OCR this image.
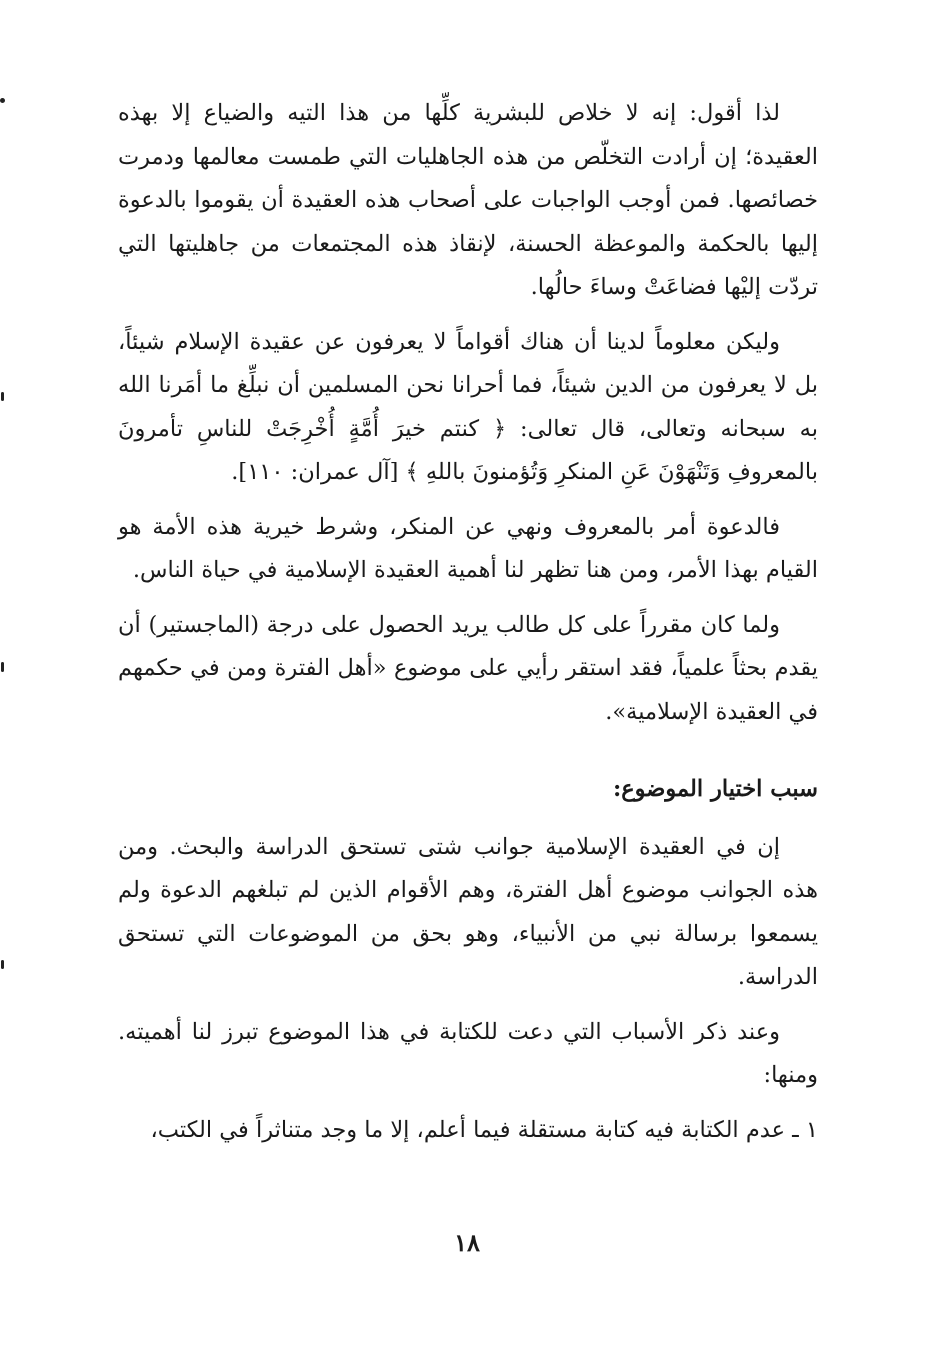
لذا أقول: إنه لا خلاص للبشرية كلِّها من هذا التيه والضياع إلا بهذه العقيدة؛ إن أرادت التخلّص من هذه الجاهليات التي طمست معالمها ودمرت خصائصها. فمن أوجب الواجبات على أصحاب هذه العقيدة أن يقوموا بالدعوة إليها بالحكمة والموعظة الحسنة، لإنقاذ هذه المجتمعات من جاهليتها التي تردّت إليْها فضاعَتْ وساءَ حالُها.

وليكن معلوماً لدينا أن هناك أقواماً لا يعرفون عن عقيدة الإسلام شيئاً، بل لا يعرفون من الدين شيئاً، فما أحرانا نحن المسلمين أن نبلِّغ ما أمَرنا الله به سبحانه وتعالى، قال تعالى: ﴿ كنتم خيرَ أُمَّةٍ أُخْرِجَتْ للناسِ تأمرونَ بالمعروفِ وَتَنْهَوْنَ عَنِ المنكرِ وَتُؤمنونَ باللهِ ﴾ [آل عمران: ١١٠].

فالدعوة أمر بالمعروف ونهي عن المنكر، وشرط خيرية هذه الأمة هو القيام بهذا الأمر، ومن هنا تظهر لنا أهمية العقيدة الإسلامية في حياة الناس.

ولما كان مقرراً على كل طالب يريد الحصول على درجة (الماجستير) أن يقدم بحثاً علمياً، فقد استقر رأيي على موضوع «أهل الفترة ومن في حكمهم في العقيدة الإسلامية».

سبب اختيار الموضوع:

إن في العقيدة الإسلامية جوانب شتى تستحق الدراسة والبحث. ومن هذه الجوانب موضوع أهل الفترة، وهم الأقوام الذين لم تبلغهم الدعوة ولم يسمعوا برسالة نبي من الأنبياء، وهو بحق من الموضوعات التي تستحق الدراسة.

وعند ذكر الأسباب التي دعت للكتابة في هذا الموضوع تبرز لنا أهميته. ومنها:

١ ـ عدم الكتابة فيه كتابة مستقلة فيما أعلم، إلا ما وجد متناثراً في الكتب،

١٨
